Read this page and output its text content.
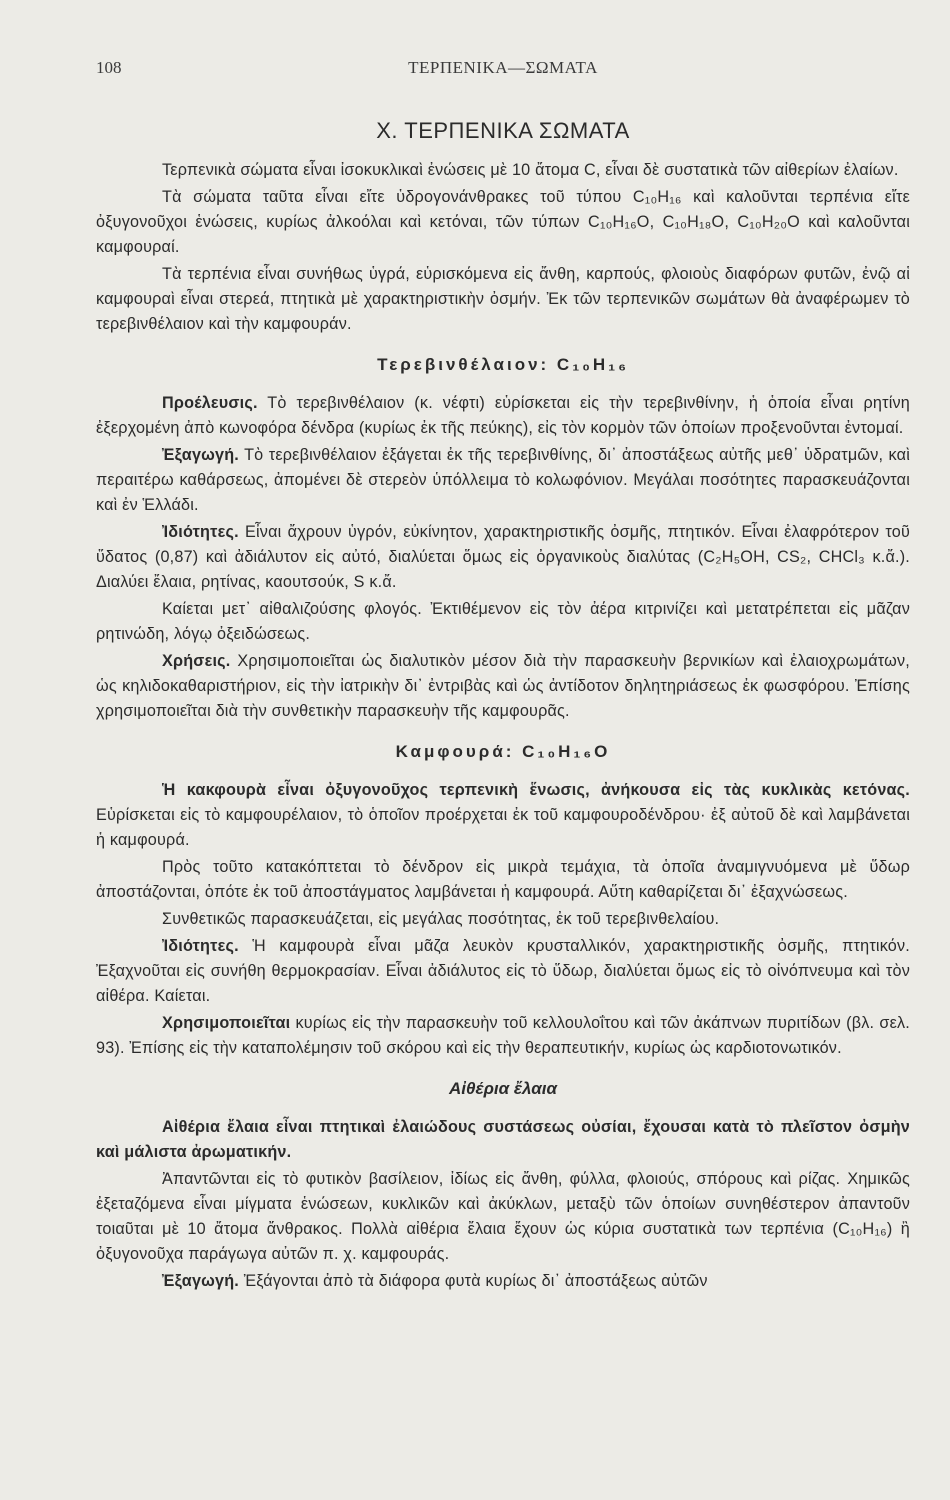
108	ΤΕΡΠΕΝΙΚΑ—ΣΩΜΑΤΑ
Χ. ΤΕΡΠΕΝΙΚΑ ΣΩΜΑΤΑ

Τερπενικὰ σώματα εἶναι ἰσοκυκλικαὶ ἐνώσεις μὲ 10 ἄτομα C, εἶναι δὲ συστατικὰ τῶν αἰθερίων ἐλαίων.

Τὰ σώματα ταῦτα εἶναι εἴτε ὑδρογονάνθρακες τοῦ τύπου C₁₀H₁₆ καὶ καλοῦνται τερπένια εἴτε ὀξυγονοῦχοι ἑνώσεις, κυρίως ἀλκοόλαι καὶ κετόναι, τῶν τύπων C₁₀H₁₆O, C₁₀H₁₈O, C₁₀H₂₀O καὶ καλοῦνται καμφουραί.

Τὰ τερπένια εἶναι συνήθως ὑγρά, εὑρισκόμενα εἰς ἄνθη, καρπούς, φλοιοὺς διαφόρων φυτῶν, ἐνῷ αἱ καμφουραὶ εἶναι στερεά, πτητικὰ μὲ χαρακτηριστικὴν ὀσμήν. Ἐκ τῶν τερπενικῶν σωμάτων θὰ ἀναφέρωμεν τὸ τερεβινθέλαιον καὶ τὴν καμφουράν.

Τερεβινθέλαιον: C₁₀H₁₆

Προέλευσις. Τὸ τερεβινθέλαιον (κ. νέφτι) εὑρίσκεται εἰς τὴν τερεβινθίνην, ἡ ὁποία εἶναι ρητίνη ἐξερχομένη ἀπὸ κωνοφόρα δένδρα (κυρίως ἐκ τῆς πεύκης), εἰς τὸν κορμὸν τῶν ὁποίων προξενοῦνται ἐντομαί.

Ἐξαγωγή. Τὸ τερεβινθέλαιον ἐξάγεται ἐκ τῆς τερεβινθίνης, δι᾽ ἀποστάξεως αὐτῆς μεθ᾽ ὑδρατμῶν, καὶ περαιτέρω καθάρσεως, ἀπομένει δὲ στερεὸν ὑπόλλειμα τὸ κολωφόνιον. Μεγάλαι ποσότητες παρασκευάζονται καὶ ἐν Ἑλλάδι.

Ἰδιότητες. Εἶναι ἄχρουν ὑγρόν, εὐκίνητον, χαρακτηριστικῆς ὀσμῆς, πτητικόν. Εἶναι ἐλαφρότερον τοῦ ὕδατος (0,87) καὶ ἀδιάλυτον εἰς αὐτό, διαλύεται ὅμως εἰς ὀργανικοὺς διαλύτας (C₂H₅OH, CS₂, CHCl₃ κ.ἄ.). Διαλύει ἔλαια, ρητίνας, καουτσούκ, S κ.ἄ.

Καίεται μετ᾽ αἰθαλιζούσης φλογός. Ἐκτιθέμενον εἰς τὸν ἀέρα κιτρινίζει καὶ μετατρέπεται εἰς μᾶζαν ρητινώδη, λόγῳ ὀξειδώσεως.

Χρήσεις. Χρησιμοποιεῖται ὡς διαλυτικὸν μέσον διὰ τὴν παρασκευὴν βερνικίων καὶ ἐλαιοχρωμάτων, ὡς κηλιδοκαθαριστήριον, εἰς τὴν ἰατρικὴν δι᾽ ἐντριβὰς καὶ ὡς ἀντίδοτον δηλητηριάσεως ἐκ φωσφόρου. Ἐπίσης χρησιμοποιεῖται διὰ τὴν συνθετικὴν παρασκευὴν τῆς καμφουρᾶς.

Καμφουρά: C₁₀H₁₆O

Ἡ κακφουρὰ εἶναι ὀξυγονοῦχος τερπενικὴ ἕνωσις, ἀνήκουσα εἰς τὰς κυκλικὰς κετόνας. Εὑρίσκεται εἰς τὸ καμφουρέλαιον, τὸ ὁποῖον προέρχεται ἐκ τοῦ καμφουροδένδρου· ἐξ αὐτοῦ δὲ καὶ λαμβάνεται ἡ καμφουρά.

Πρὸς τοῦτο κατακόπτεται τὸ δένδρον εἰς μικρὰ τεμάχια, τὰ ὁποῖα ἀναμιγνυόμενα μὲ ὕδωρ ἀποστάζονται, ὁπότε ἐκ τοῦ ἀποστάγματος λαμβάνεται ἡ καμφουρά. Αὕτη καθαρίζεται δι᾽ ἐξαχνώσεως.

Συνθετικῶς παρασκευάζεται, εἰς μεγάλας ποσότητας, ἐκ τοῦ τερεβινθελαίου.

Ἰδιότητες. Ἡ καμφουρὰ εἶναι μᾶζα λευκὸν κρυσταλλικόν, χαρακτηριστικῆς ὀσμῆς, πτητικόν. Ἐξαχνοῦται εἰς συνήθη θερμοκρασίαν. Εἶναι ἀδιάλυτος εἰς τὸ ὕδωρ, διαλύεται ὅμως εἰς τὸ οἰνόπνευμα καὶ τὸν αἰθέρα. Καίεται.

Χρησιμοποιεῖται κυρίως εἰς τὴν παρασκευὴν τοῦ κελλουλοΐτου καὶ τῶν ἀκάπνων πυριτίδων (βλ. σελ. 93). Ἐπίσης εἰς τὴν καταπολέμησιν τοῦ σκόρου καὶ εἰς τὴν θεραπευτικήν, κυρίως ὡς καρδιοτονωτικόν.

Αἰθέρια ἔλαια

Αἰθέρια ἔλαια εἶναι πτητικαὶ ἐλαιώδους συστάσεως οὐσίαι, ἔχουσαι κατὰ τὸ πλεῖστον ὀσμὴν καὶ μάλιστα ἀρωματικήν.

Ἀπαντῶνται εἰς τὸ φυτικὸν βασίλειον, ἰδίως εἰς ἄνθη, φύλλα, φλοιούς, σπόρους καὶ ρίζας. Χημικῶς ἐξεταζόμενα εἶναι μίγματα ἑνώσεων, κυκλικῶν καὶ ἀκύκλων, μεταξὺ τῶν ὁποίων συνηθέστερον ἀπαντοῦν τοιαῦται μὲ 10 ἄτομα ἄνθρακος. Πολλὰ αἰθέρια ἔλαια ἔχουν ὡς κύρια συστατικὰ των τερπένια (C₁₀H₁₆) ἢ ὀξυγονοῦχα παράγωγα αὐτῶν π. χ. καμφουράς.

Ἐξαγωγή. Ἐξάγονται ἀπὸ τὰ διάφορα φυτὰ κυρίως δι᾽ ἀποστάξεως αὐτῶν
